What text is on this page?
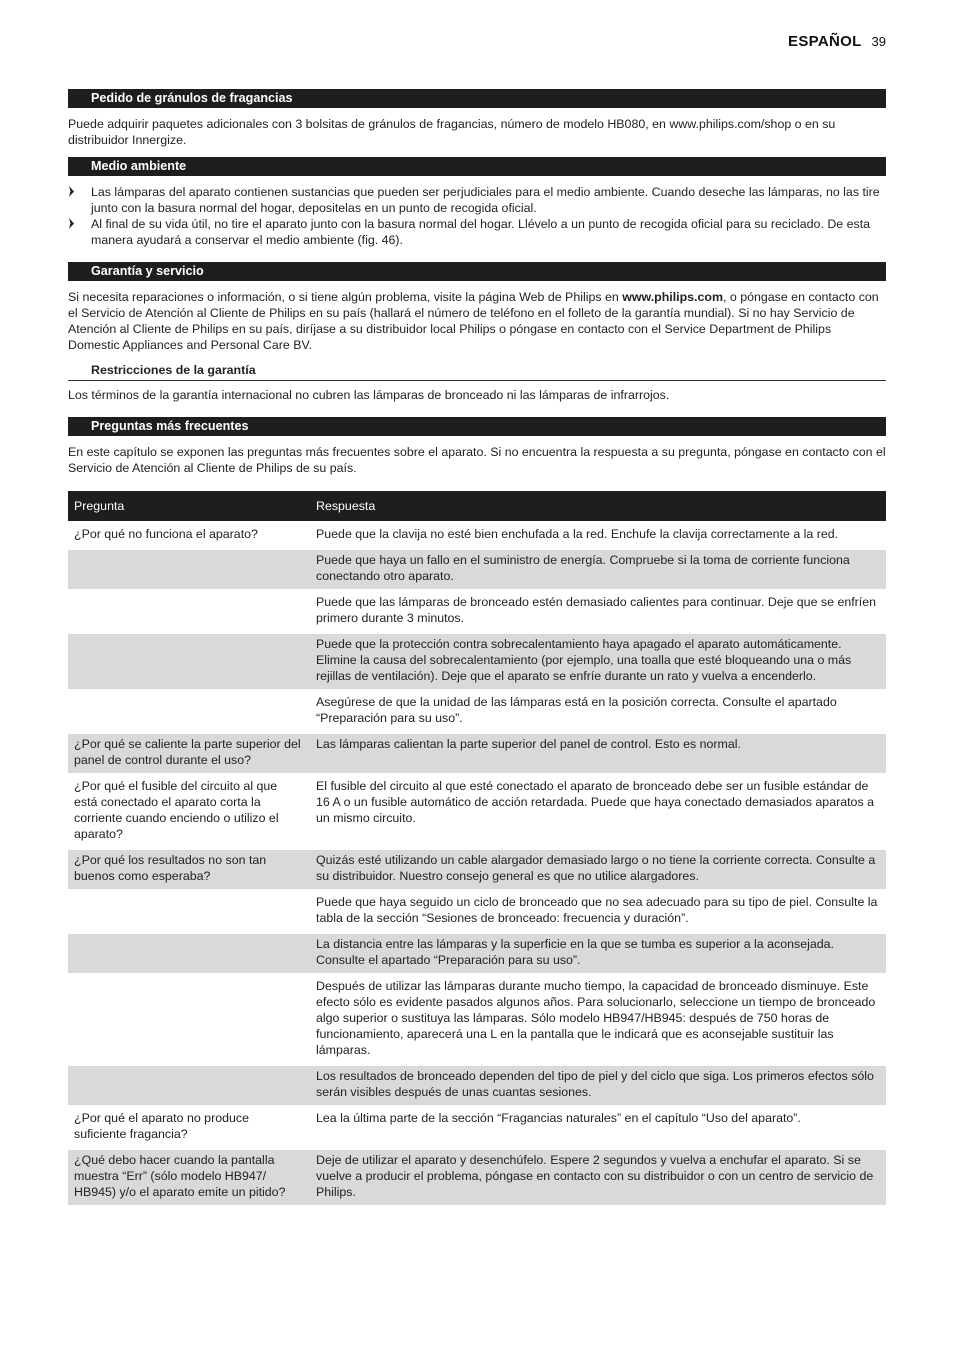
ESPAÑOL 39
Pedido de gránulos de fragancias

Puede adquirir paquetes adicionales con 3 bolsitas de gránulos de fragancias, número de modelo HB080, en www.philips.com/shop o en su distribuidor Innergize.

Medio ambiente
Las lámparas del aparato contienen sustancias que pueden ser perjudiciales para el medio ambiente. Cuando deseche las lámparas, no las tire junto con la basura normal del hogar, depositelas en un punto de recogida oficial.
Al final de su vida útil, no tire el aparato junto con la basura normal del hogar. Llévelo a un punto de recogida oficial para su reciclado. De esta manera ayudará a conservar el medio ambiente (fig. 46).
Garantía y servicio

Si necesita reparaciones o información, o si tiene algún problema, visite la página Web de Philips en www.philips.com, o póngase en contacto con el Servicio de Atención al Cliente de Philips en su país (hallará el número de teléfono en el folleto de la garantía mundial). Si no hay Servicio de Atención al Cliente de Philips en su país, diríjase a su distribuidor local Philips o póngase en contacto con el Service Department de Philips Domestic Appliances and Personal Care BV.

Restricciones de la garantía

Los términos de la garantía internacional no cubren las lámparas de bronceado ni las lámparas de infrarrojos.

Preguntas más frecuentes

En este capítulo se exponen las preguntas más frecuentes sobre el aparato. Si no encuentra la respuesta a su pregunta, póngase en contacto con el Servicio de Atención al Cliente de Philips de su país.

Pregunta	Respuesta
¿Por qué no funciona el aparato?	Puede que la clavija no esté bien enchufada a la red. Enchufe la clavija correctamente a la red.
	Puede que haya un fallo en el suministro de energía. Compruebe si la toma de corriente funciona conectando otro aparato.
	Puede que las lámparas de bronceado estén demasiado calientes para continuar. Deje que se enfríen primero durante 3 minutos.
	Puede que la protección contra sobrecalentamiento haya apagado el aparato automáticamente. Elimine la causa del sobrecalentamiento (por ejemplo, una toalla que esté bloqueando una o más rejillas de ventilación). Deje que el aparato se enfríe durante un rato y vuelva a encenderlo.
	Asegúrese de que la unidad de las lámparas está en la posición correcta. Consulte el apartado “Preparación para su uso”.
¿Por qué se caliente la parte superior del panel de control durante el uso?	Las lámparas calientan la parte superior del panel de control. Esto es normal.
¿Por qué el fusible del circuito al que está conectado el aparato corta la corriente cuando enciendo o utilizo el aparato?	El fusible del circuito al que esté conectado el aparato de bronceado debe ser un fusible estándar de 16 A o un fusible automático de acción retardada. Puede que haya conectado demasiados aparatos a un mismo circuito.
¿Por qué los resultados no son tan buenos como esperaba?	Quizás esté utilizando un cable alargador demasiado largo o no tiene la corriente correcta. Consulte a su distribuidor. Nuestro consejo general es que no utilice alargadores.
	Puede que haya seguido un ciclo de bronceado que no sea adecuado para su tipo de piel. Consulte la tabla de la sección “Sesiones de bronceado: frecuencia y duración”.
	La distancia entre las lámparas y la superficie en la que se tumba es superior a la aconsejada. Consulte el apartado “Preparación para su uso”.
	Después de utilizar las lámparas durante mucho tiempo, la capacidad de bronceado disminuye. Este efecto sólo es evidente pasados algunos años. Para solucionarlo, seleccione un tiempo de bronceado algo superior o sustituya las lámparas. Sólo modelo HB947/HB945: después de 750 horas de funcionamiento, aparecerá una L en la pantalla que le indicará que es aconsejable sustituir las lámparas.
	Los resultados de bronceado dependen del tipo de piel y del ciclo que siga. Los primeros efectos sólo serán visibles después de unas cuantas sesiones.
¿Por qué el aparato no produce suficiente fragancia?	Lea la última parte de la sección “Fragancias naturales” en el capítulo “Uso del aparato”.
¿Qué debo hacer cuando la pantalla muestra “Err” (sólo modelo HB947/ HB945) y/o el aparato emite un pitido?	Deje de utilizar el aparato y desenchúfelo. Espere 2 segundos y vuelva a enchufar el aparato. Si se vuelve a producir el problema, póngase en contacto con su distribuidor o con un centro de servicio de Philips.
